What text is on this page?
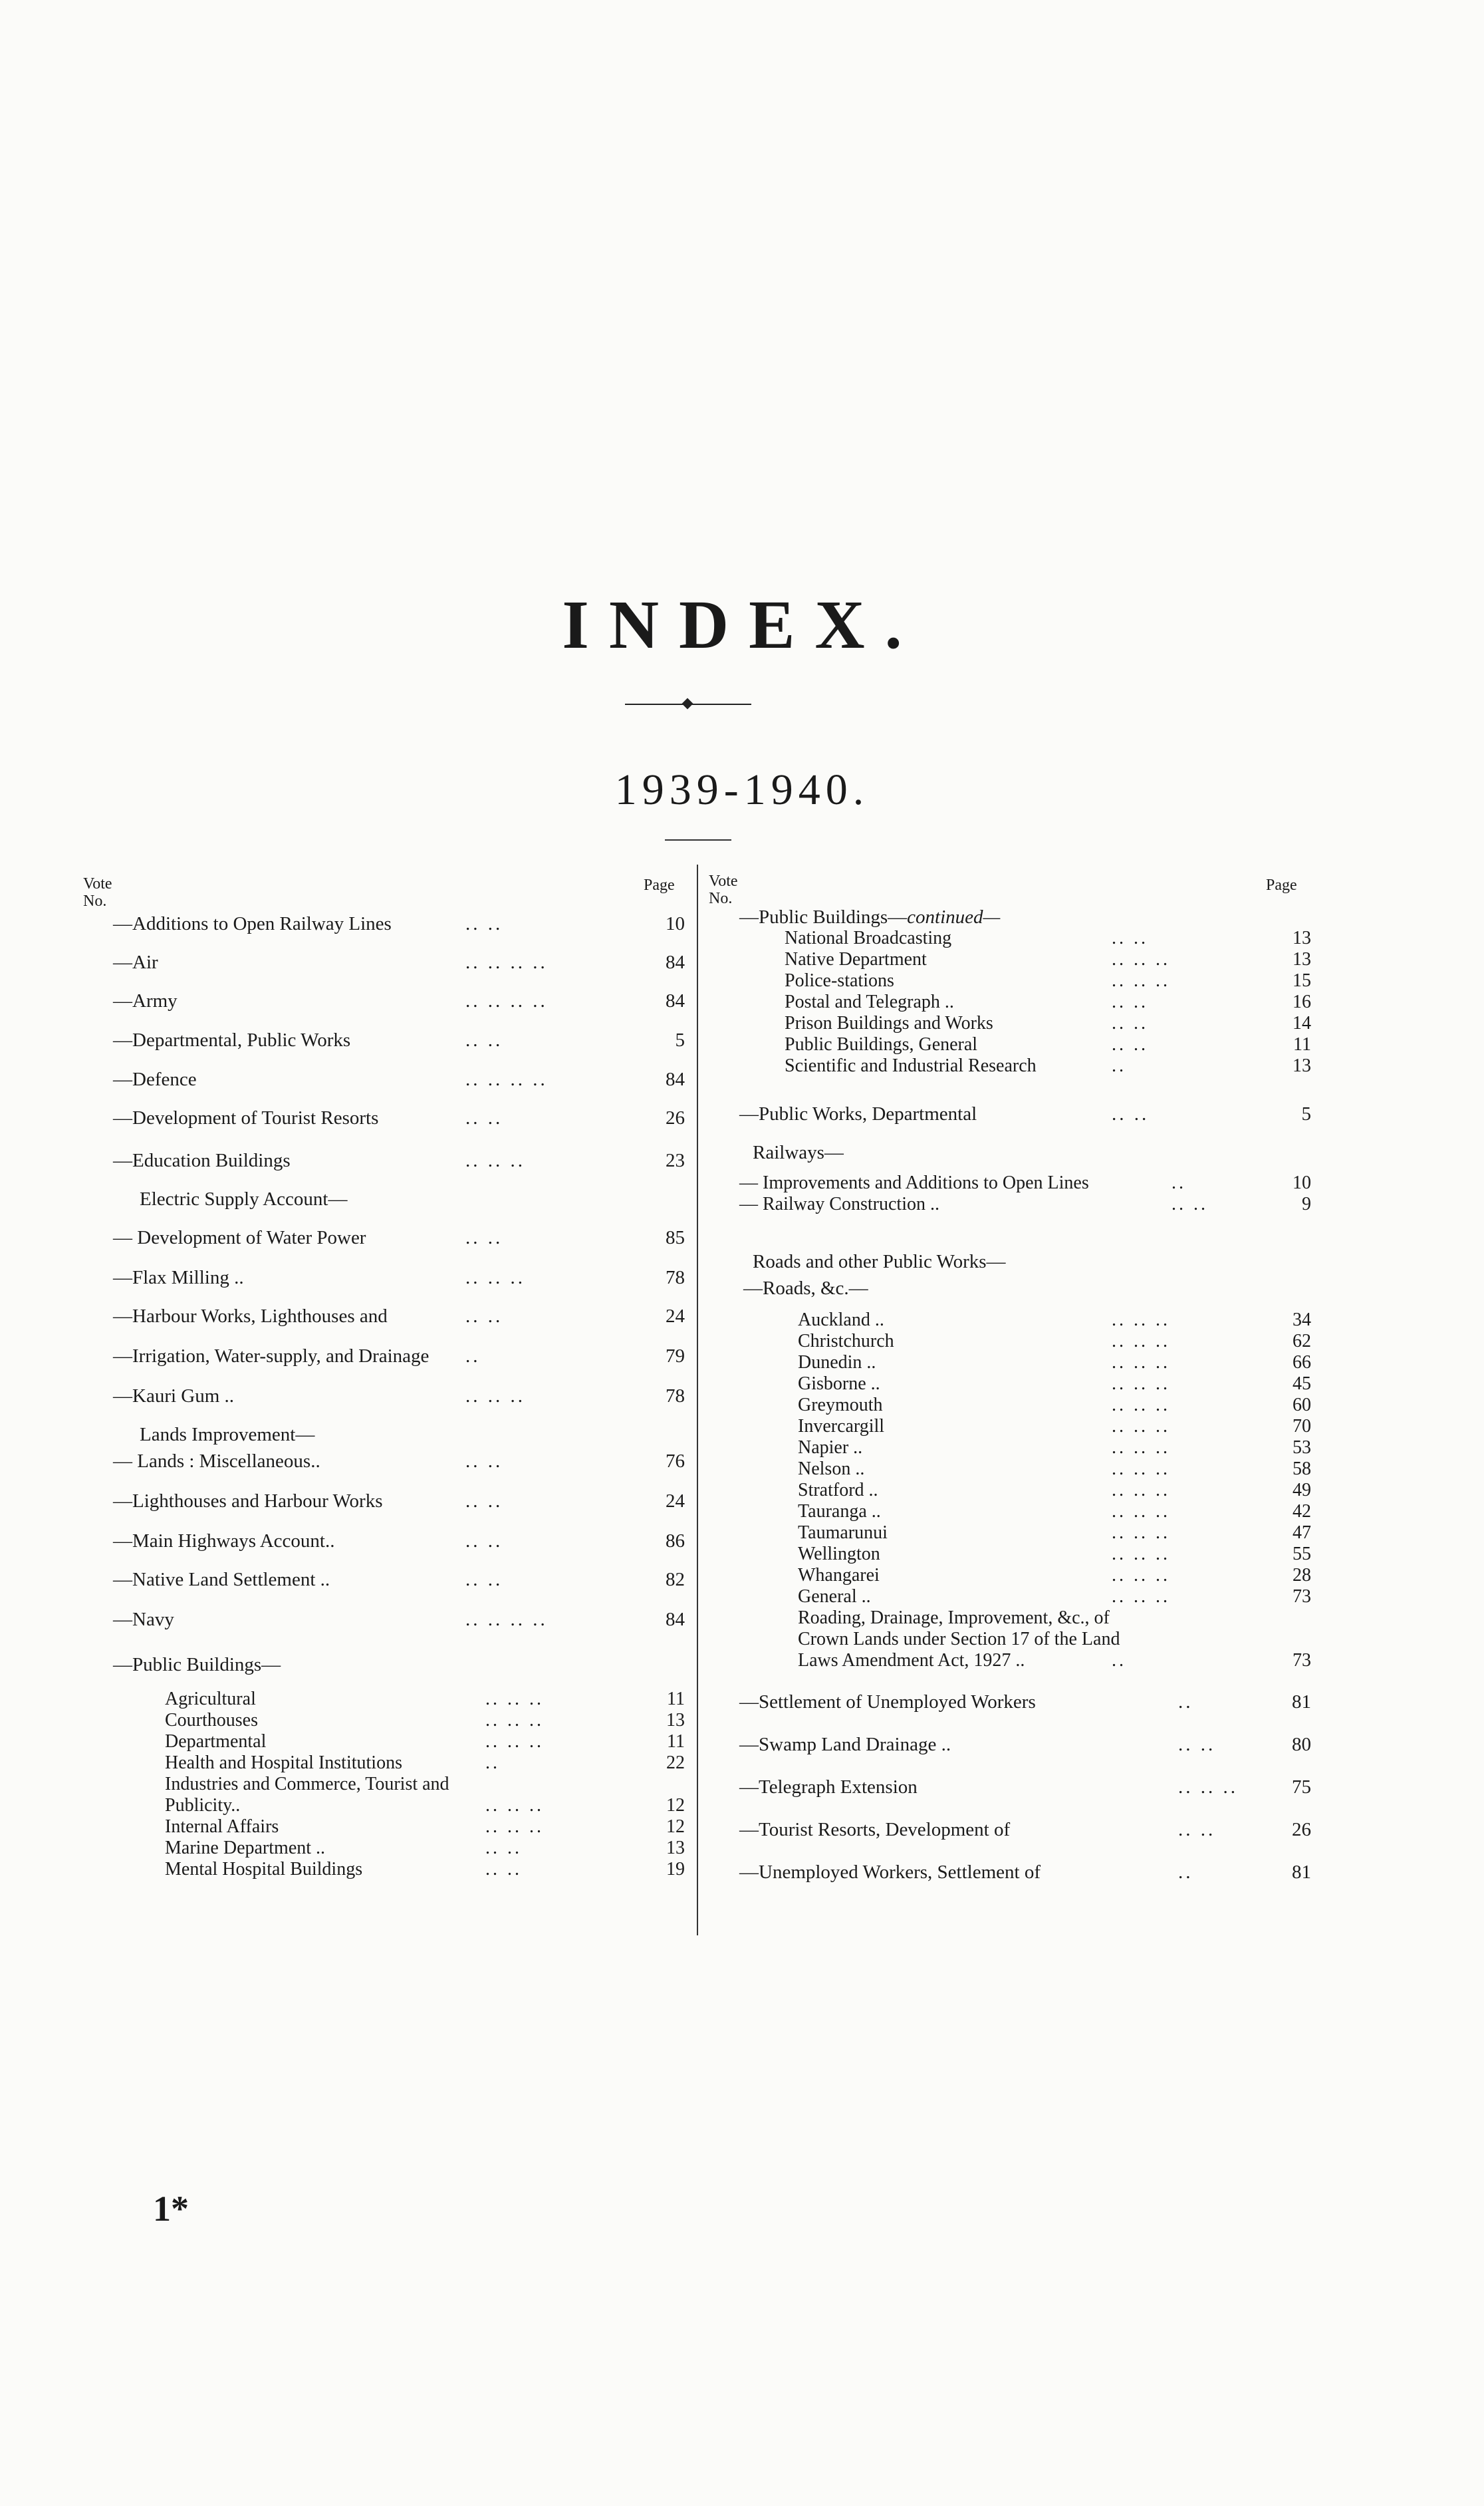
INDEX.
1939-1940.
Vote
No.
Page Vote
No.
Page
—Additions to Open Railway Lines	.. ..	10
—Air	.. .. .. ..	84
—Army	.. .. .. ..	84
—Departmental, Public Works	.. ..	5
—Defence	.. .. .. ..	84
—Development of Tourist Resorts	.. ..	26
—Education Buildings	.. .. ..	23
Electric Supply Account—
— Development of Water Power	.. ..	85
—Flax Milling ..	.. .. ..	78
—Harbour Works, Lighthouses and	.. ..	24
—Irrigation, Water-supply, and Drainage ..	79
—Kauri Gum ..	.. .. ..	78
Lands Improvement—
— Lands : Miscellaneous..	.. ..	76
—Lighthouses and Harbour Works	.. ..	24
—Main Highways Account..	.. ..	86
—Native Land Settlement ..	.. ..	82
—Navy	.. .. .. ..	84
—Public Buildings—
Agricultural	.. .. ..	11
Courthouses	.. .. ..	13
Departmental	.. .. ..	11
Health and Hospital Institutions	..	22
Industries and Commerce, Tourist and
Publicity..	.. .. ..	12
Internal Affairs	.. .. ..	12
Marine Department ..	.. ..	13
Mental Hospital Buildings	.. ..	19
—Public Buildings—continued—
National Broadcasting	.. ..	13
Native Department	.. .. ..	13
Police-stations	.. .. ..	15
Postal and Telegraph ..	.. ..	16
Prison Buildings and Works	.. ..	14
Public Buildings, General	.. ..	11
Scientific and Industrial Research	..	13
—Public Works, Departmental	.. ..	5
Railways—
— Improvements and Additions to Open Lines	..	10
— Railway Construction ..	.. ..	9
Roads and other Public Works—
—Roads, &c.—
Auckland ..	.. .. ..	34
Christchurch	.. .. ..	62
Dunedin ..	.. .. ..	66
Gisborne ..	.. .. ..	45
Greymouth	.. .. ..	60
Invercargill	.. .. ..	70
Napier ..	.. .. ..	53
Nelson ..	.. .. ..	58
Stratford ..	.. .. ..	49
Tauranga ..	.. .. ..	42
Taumarunui	.. .. ..	47
Wellington	.. .. ..	55
Whangarei	.. .. ..	28
General ..	.. .. ..	73
Roading, Drainage, Improvement, &c., of
Crown Lands under Section 17 of the Land
Laws Amendment Act, 1927 ..	..	73
—Settlement of Unemployed Workers	..	81
—Swamp Land Drainage ..	.. ..	80
—Telegraph Extension	.. .. ..	75
—Tourist Resorts, Development of	.. ..	26
—Unemployed Workers, Settlement of	..	81
1*
